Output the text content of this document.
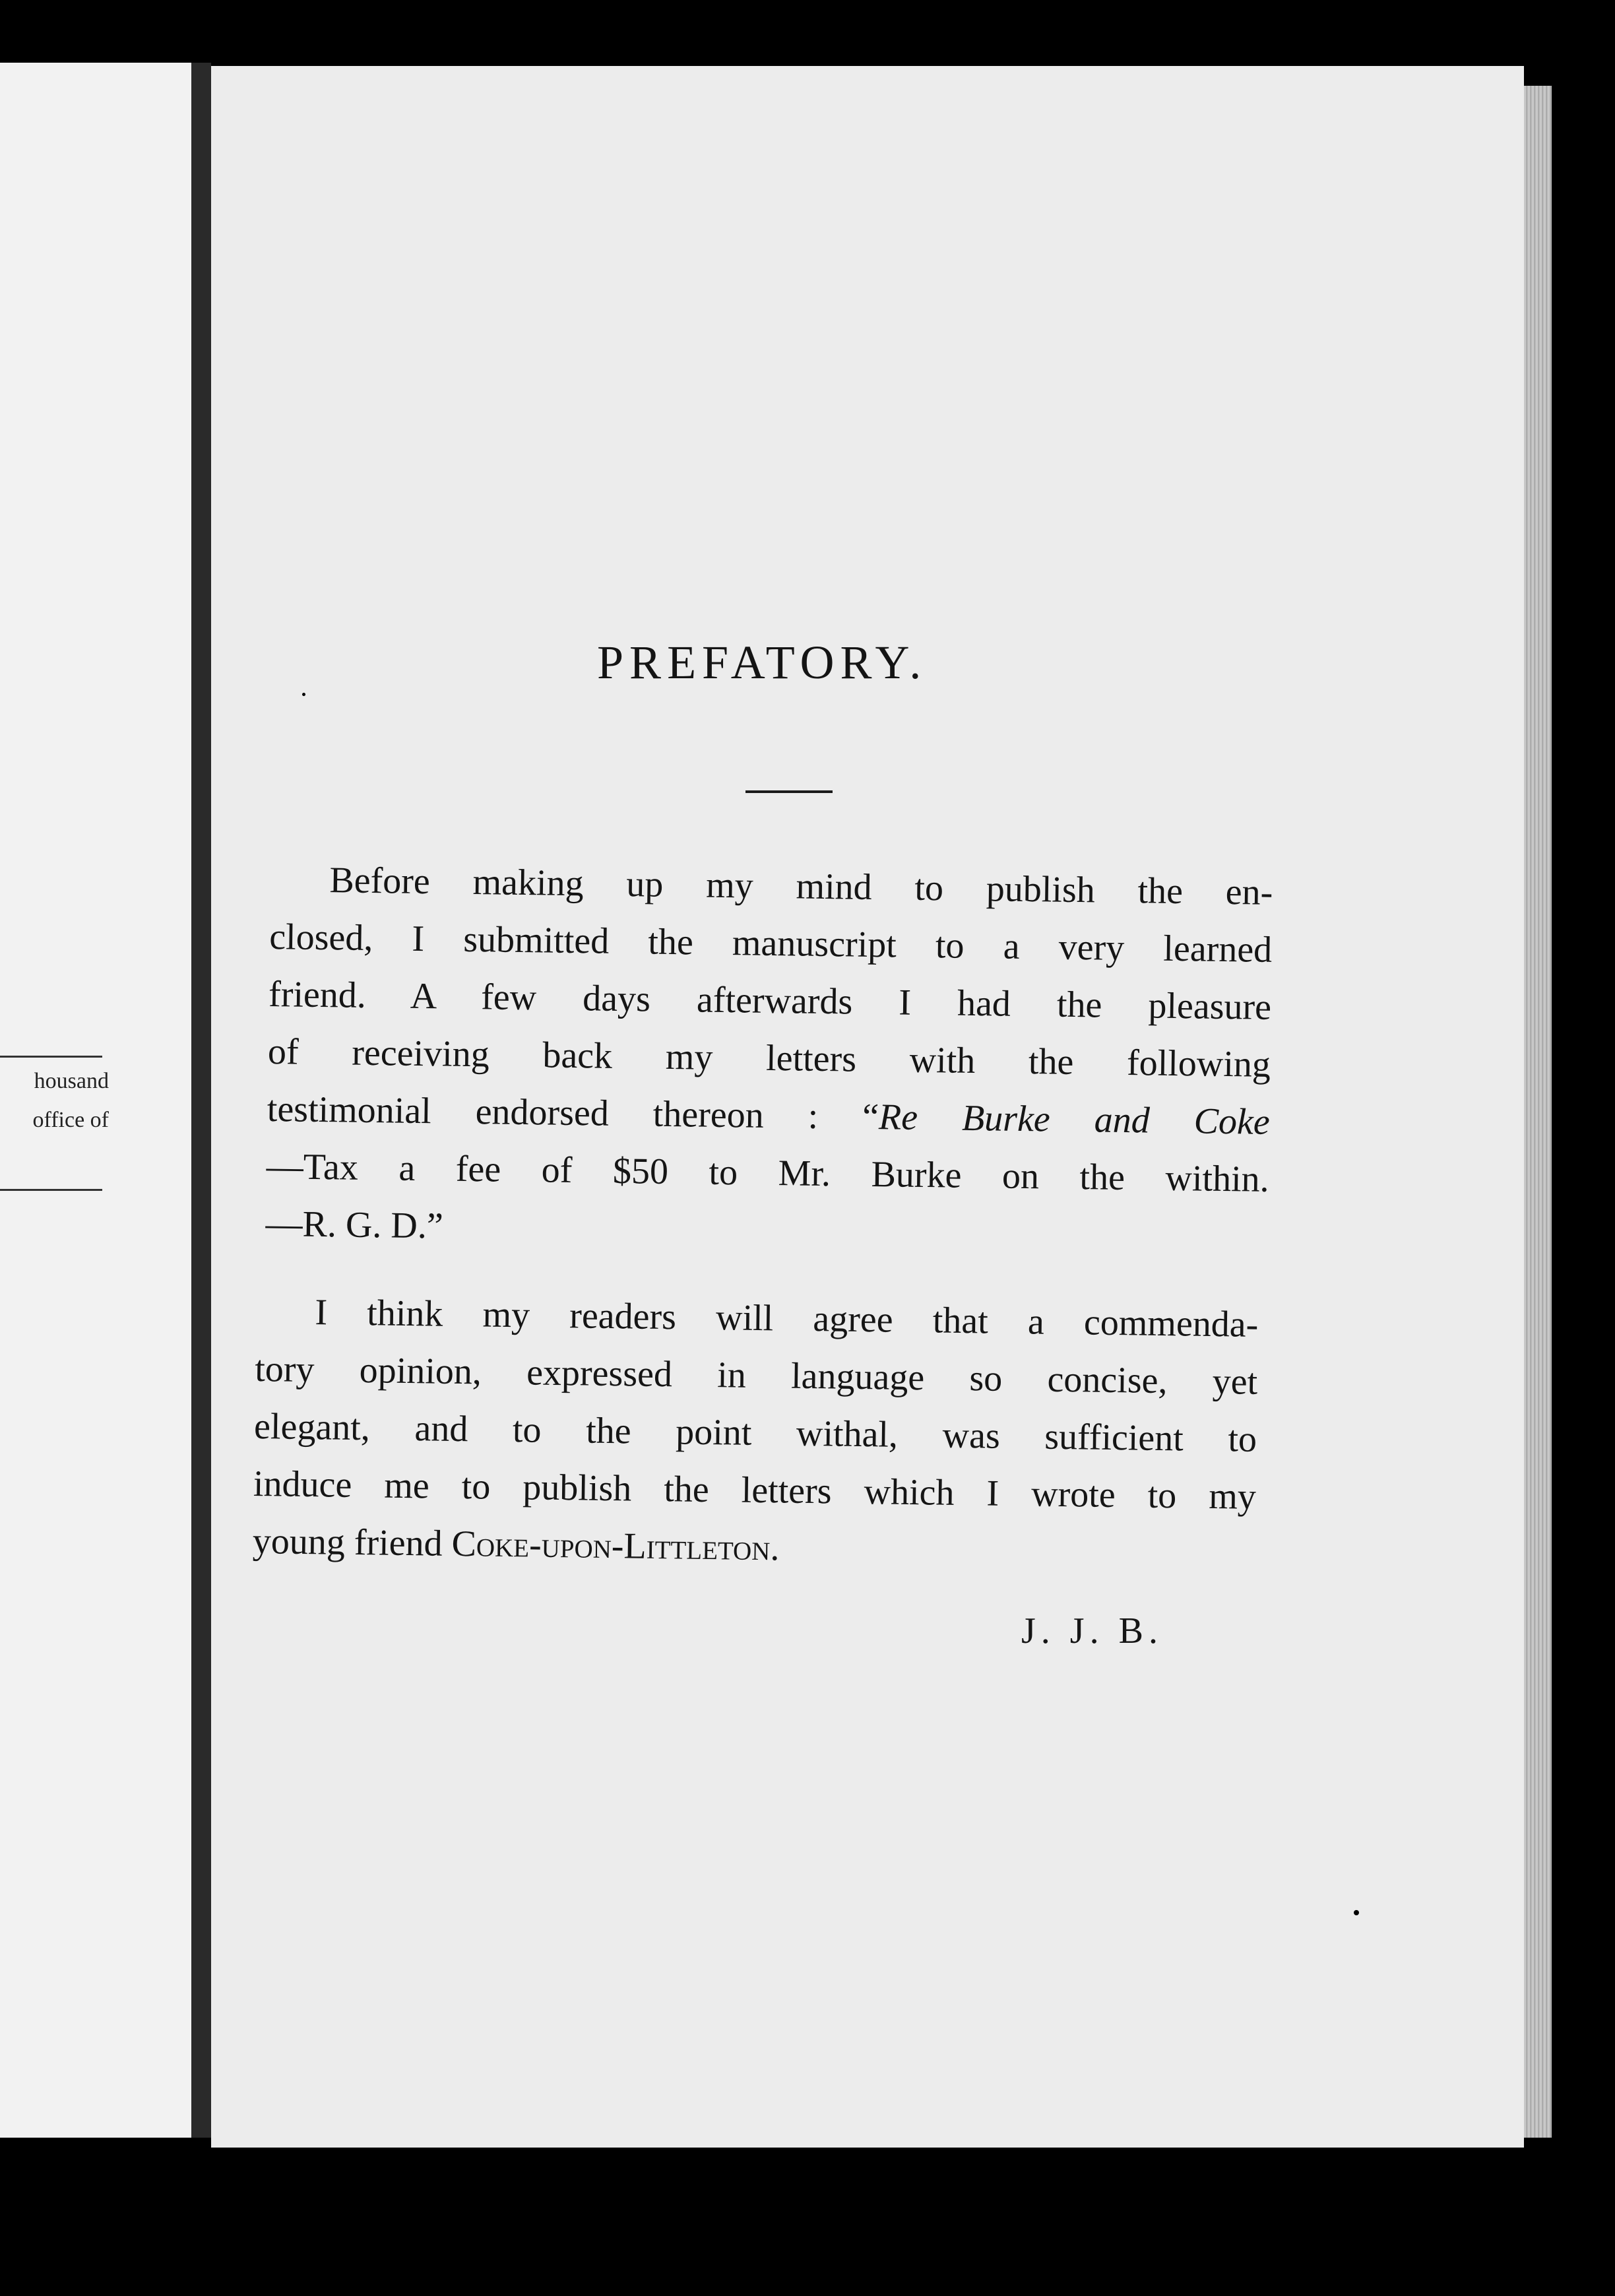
housand
office of
PREFATORY.
Before making up my mind to publish the en-
closed, I submitted the manuscript to a very learned
friend. A few days afterwards I had the pleasure
of receiving back my letters with the following
testimonial endorsed thereon : “Re Burke and Coke
—Tax a fee of $50 to Mr. Burke on the within.
—R. G. D.”
I think my readers will agree that a commenda-
tory opinion, expressed in language so concise, yet
elegant, and to the point withal, was sufficient to
induce me to publish the letters which I wrote to my
young friend Coke-upon-Littleton.
J. J. B.
